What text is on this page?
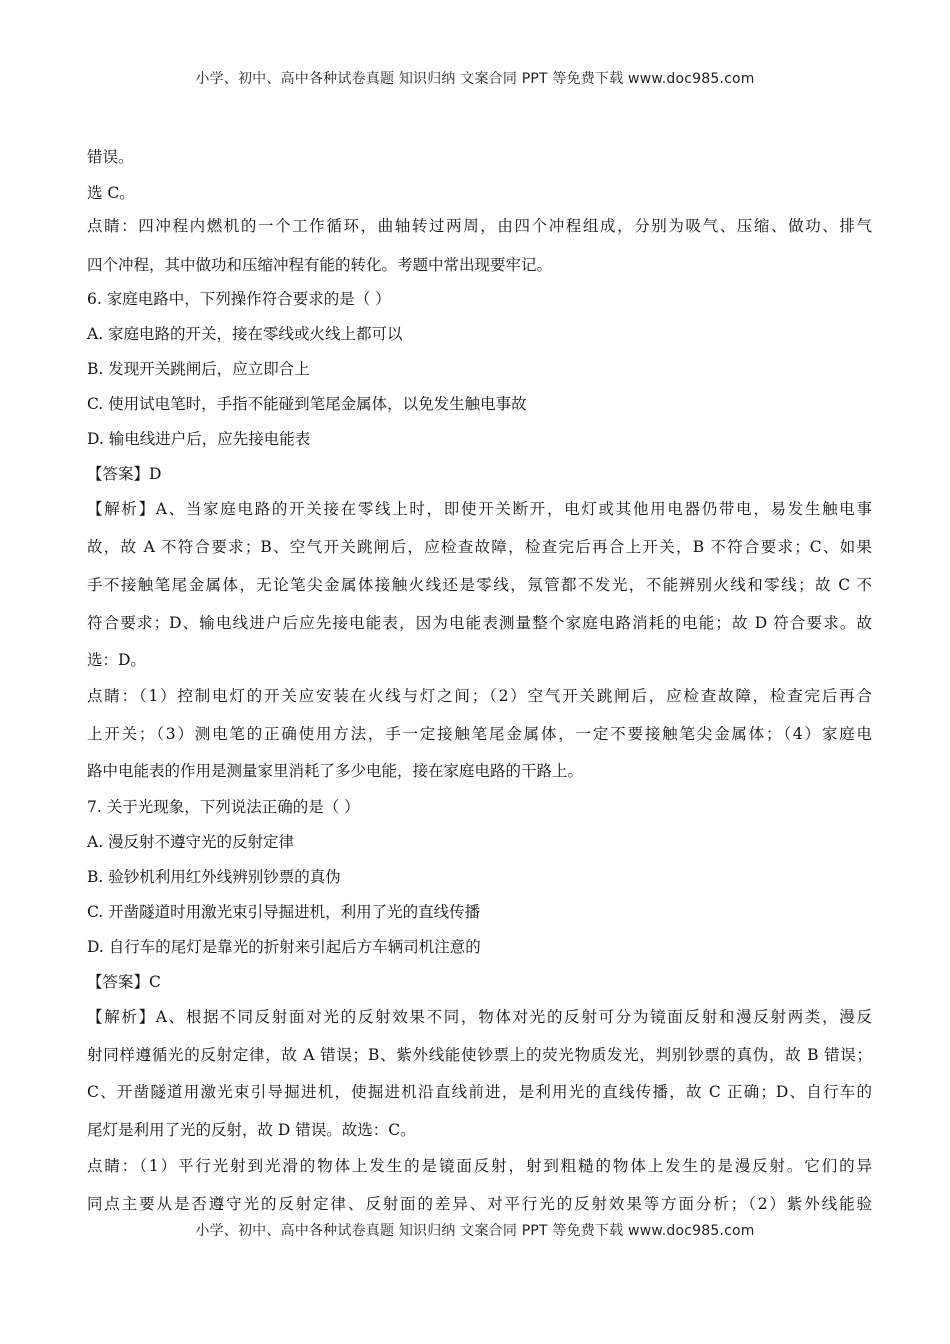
小学、初中、高中各种试卷真题 知识归纳 文案合同 PPT 等免费下载 www.doc985.com
错误。
选 C。
点睛：四冲程内燃机的一个工作循环，曲轴转过两周，由四个冲程组成，分别为吸气、压缩、做功、排气
四个冲程，其中做功和压缩冲程有能的转化。考题中常出现要牢记。
6. 家庭电路中，下列操作符合要求的是（ ）
A. 家庭电路的开关，接在零线或火线上都可以
B. 发现开关跳闸后，应立即合上
C. 使用试电笔时，手指不能碰到笔尾金属体，以免发生触电事故
D. 输电线进户后，应先接电能表
【答案】D
【解析】A、当家庭电路的开关接在零线上时，即使开关断开，电灯或其他用电器仍带电，易发生触电事
故，故 A 不符合要求；B、空气开关跳闸后，应检查故障，检查完后再合上开关，B 不符合要求；C、如果
手不接触笔尾金属体，无论笔尖金属体接触火线还是零线，氖管都不发光，不能辨别火线和零线；故 C 不
符合要求；D、输电线进户后应先接电能表，因为电能表测量整个家庭电路消耗的电能；故 D 符合要求。故
选：D。
点睛：（1）控制电灯的开关应安装在火线与灯之间；（2）空气开关跳闸后，应检查故障，检查完后再合
上开关；（3）测电笔的正确使用方法，手一定接触笔尾金属体，一定不要接触笔尖金属体；（4）家庭电
路中电能表的作用是测量家里消耗了多少电能，接在家庭电路的干路上。
7. 关于光现象，下列说法正确的是（ ）
A. 漫反射不遵守光的反射定律
B. 验钞机利用红外线辨别钞票的真伪
C. 开凿隧道时用激光束引导掘进机，利用了光的直线传播
D. 自行车的尾灯是靠光的折射来引起后方车辆司机注意的
【答案】C
【解析】A、根据不同反射面对光的反射效果不同，物体对光的反射可分为镜面反射和漫反射两类，漫反
射同样遵循光的反射定律，故 A 错误；B、紫外线能使钞票上的荧光物质发光，判别钞票的真伪，故 B 错误；
C、开凿隧道用激光束引导掘进机，使掘进机沿直线前进，是利用光的直线传播，故 C 正确；D、自行车的
尾灯是利用了光的反射，故 D 错误。故选：C。
点睛：（1）平行光射到光滑的物体上发生的是镜面反射，射到粗糙的物体上发生的是漫反射。它们的异
同点主要从是否遵守光的反射定律、反射面的差异、对平行光的反射效果等方面分析；（2）紫外线能验
小学、初中、高中各种试卷真题 知识归纳 文案合同 PPT 等免费下载 www.doc985.com
